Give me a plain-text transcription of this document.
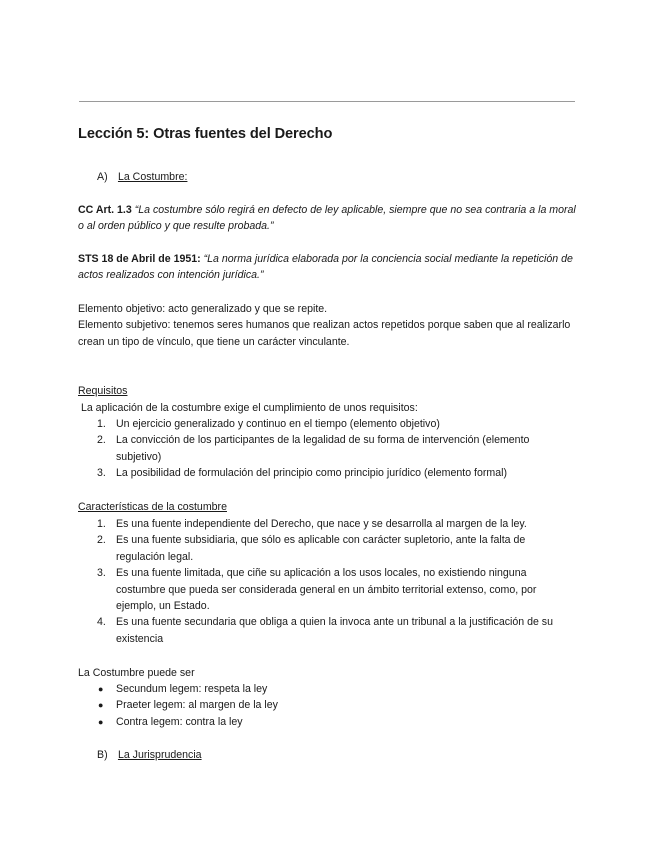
Lección 5: Otras fuentes del Derecho
A) La Costumbre:
CC Art. 1.3 “La costumbre sólo regirá en defecto de ley aplicable, siempre que no sea contraria a la moral o al orden público y que resulte probada.”
STS 18 de Abril de 1951: “La norma jurídica elaborada por la conciencia social mediante la repetición de actos realizados con intención jurídica.”
Elemento objetivo: acto generalizado y que se repite.
Elemento subjetivo: tenemos seres humanos que realizan actos repetidos porque saben que al realizarlo crean un tipo de vínculo, que tiene un carácter vinculante.
Requisitos
La aplicación de la costumbre exige el cumplimiento de unos requisitos:
1. Un ejercicio generalizado y continuo en el tiempo (elemento objetivo)
2. La convicción de los participantes de la legalidad de su forma de intervención (elemento subjetivo)
3. La posibilidad de formulación del principio como principio jurídico (elemento formal)
Características de la costumbre
1. Es una fuente independiente del Derecho, que nace y se desarrolla al margen de la ley.
2. Es una fuente subsidiaria, que sólo es aplicable con carácter supletorio, ante la falta de regulación legal.
3. Es una fuente limitada, que ciñe su aplicación a los usos locales, no existiendo ninguna costumbre que pueda ser considerada general en un ámbito territorial extenso, como, por ejemplo, un Estado.
4. Es una fuente secundaria que obliga a quien la invoca ante un tribunal a la justificación de su existencia
La Costumbre puede ser
● Secundum legem: respeta la ley
● Praeter legem: al margen de la ley
● Contra legem: contra la ley
B) La Jurisprudencia
